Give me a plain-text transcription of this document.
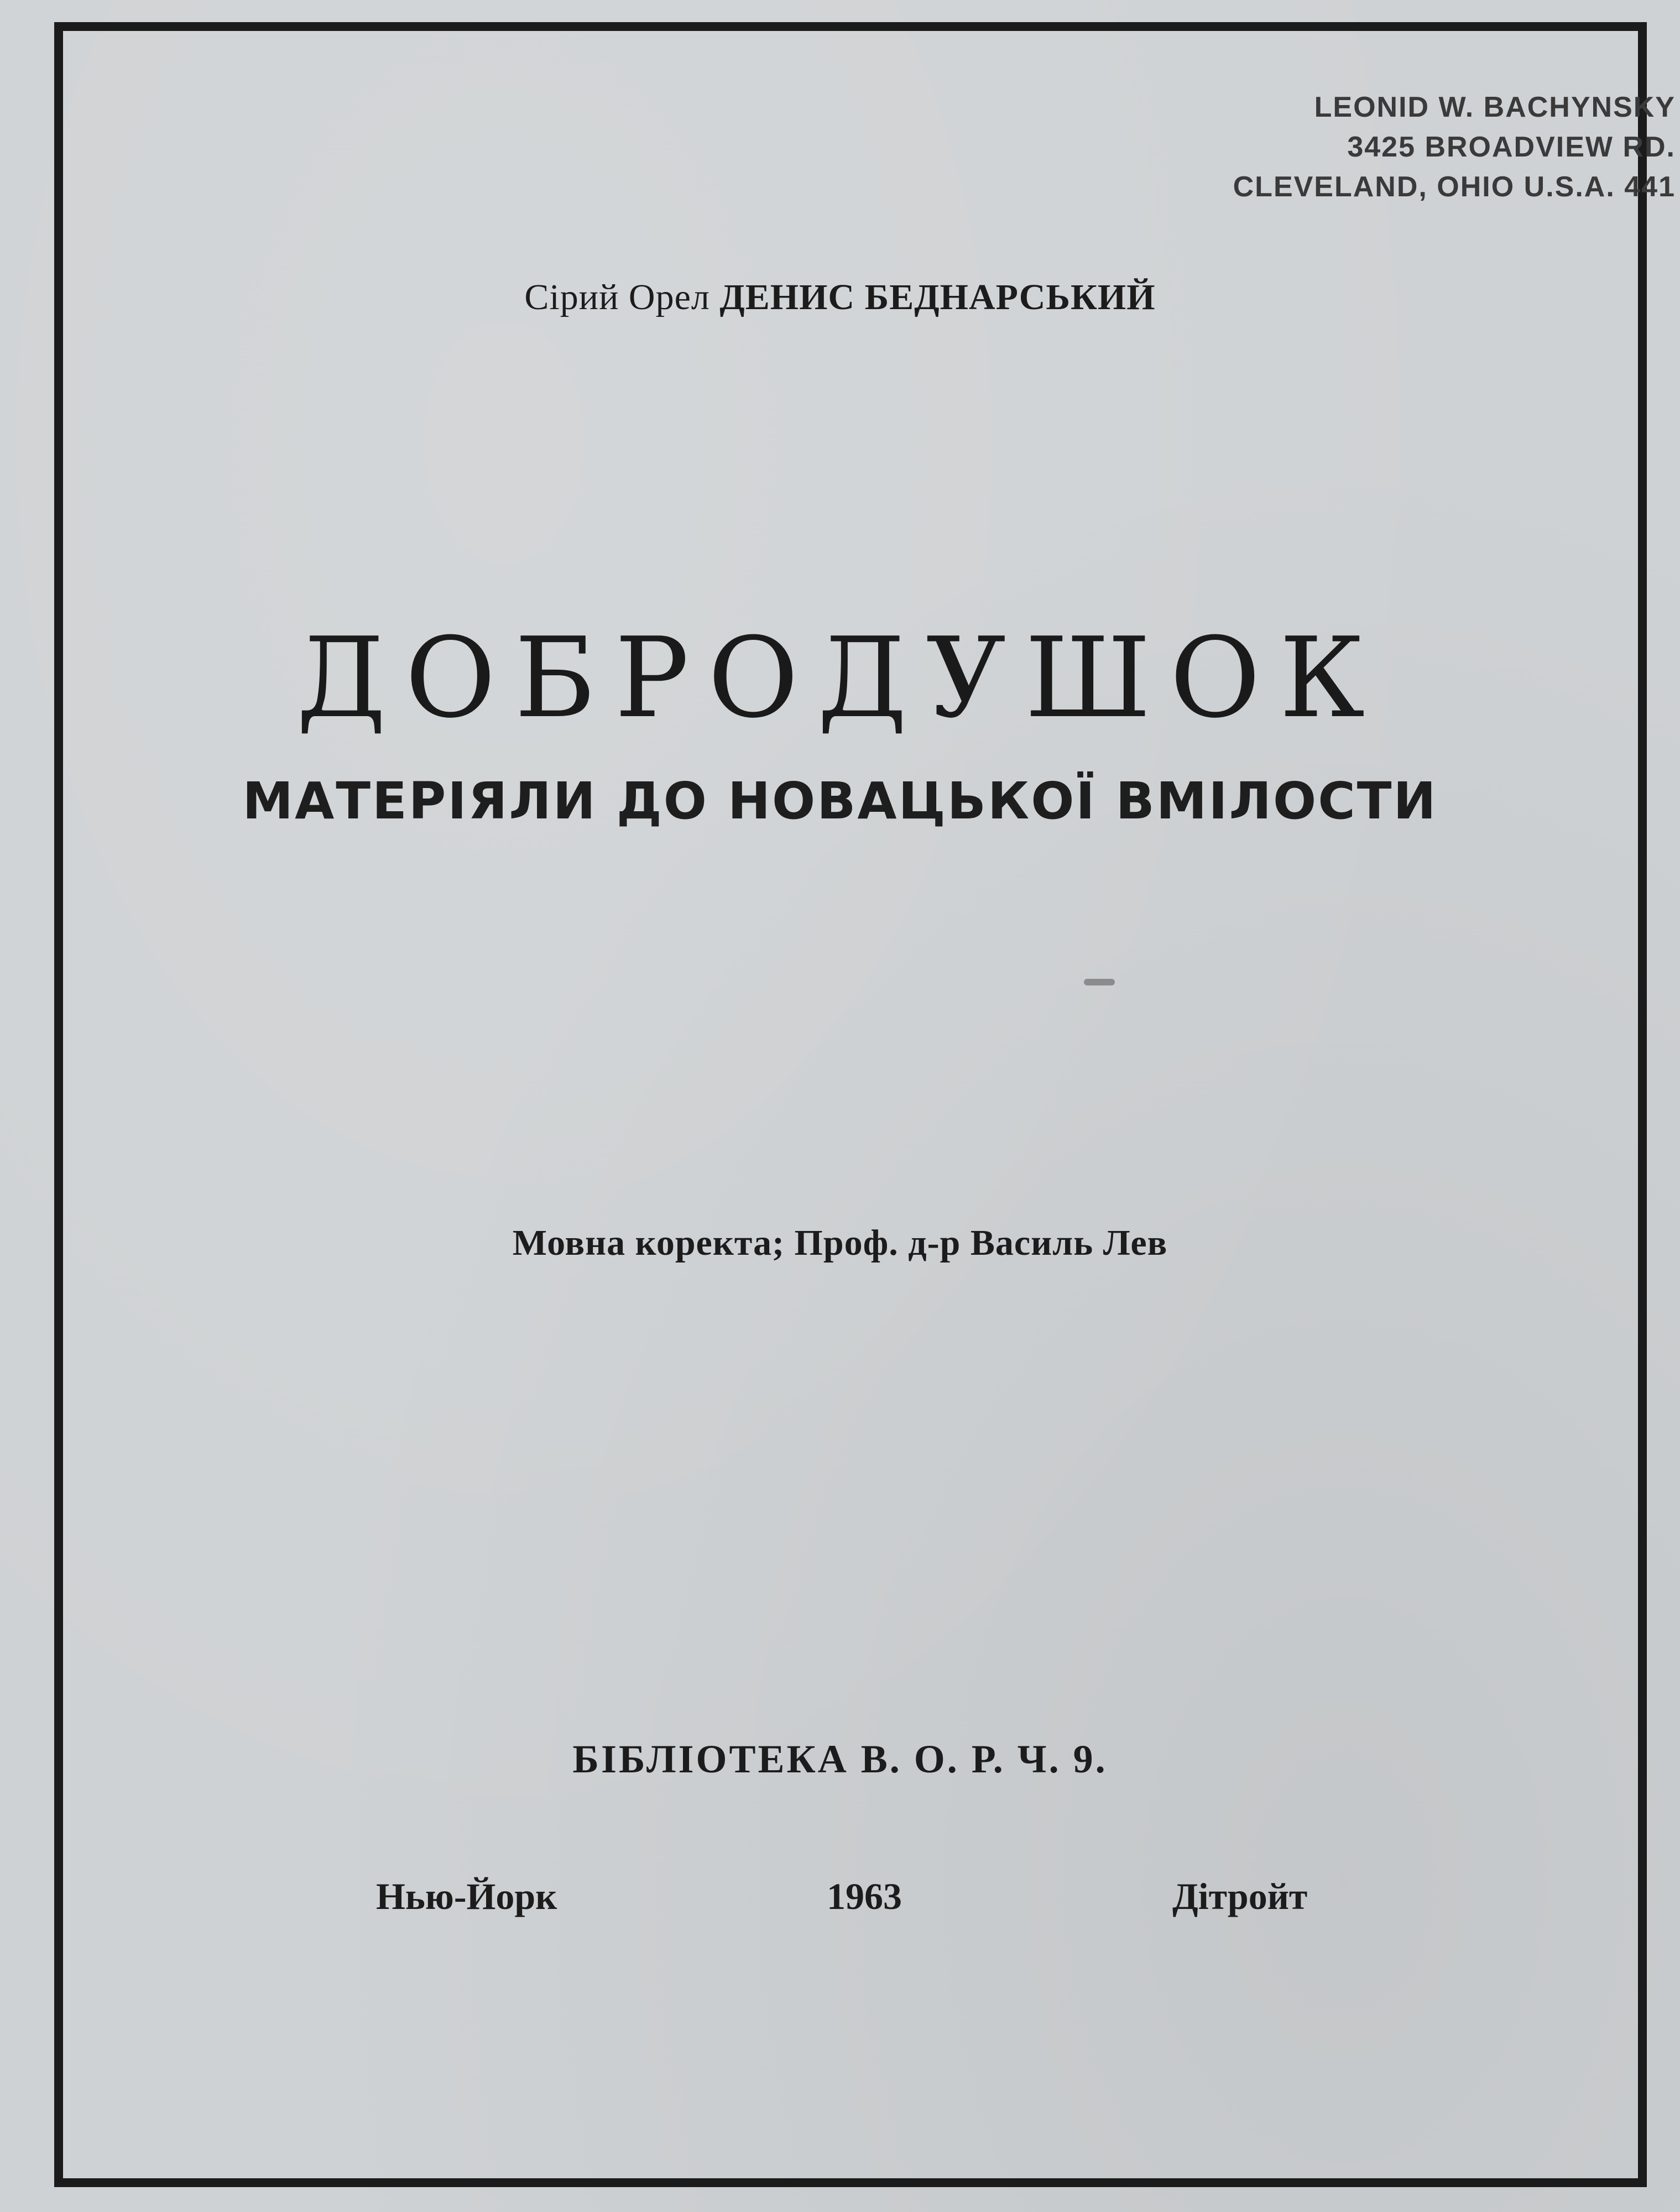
LEONID W. BACHYNSKY
3425 BROADVIEW RD.
CLEVELAND, OHIO U.S.A. 441
Сірий Орел ДЕНИС БЕДНАРСЬКИЙ
ДОБРОДУШОК
МАТЕРІЯЛИ ДО НОВАЦЬКОЇ ВМІЛОСТИ
Мовна коректа; Проф. д-р Василь Лев
БІБЛІОТЕКА В. О. Р. Ч. 9.
Нью-Йорк	1963	Дітройт
